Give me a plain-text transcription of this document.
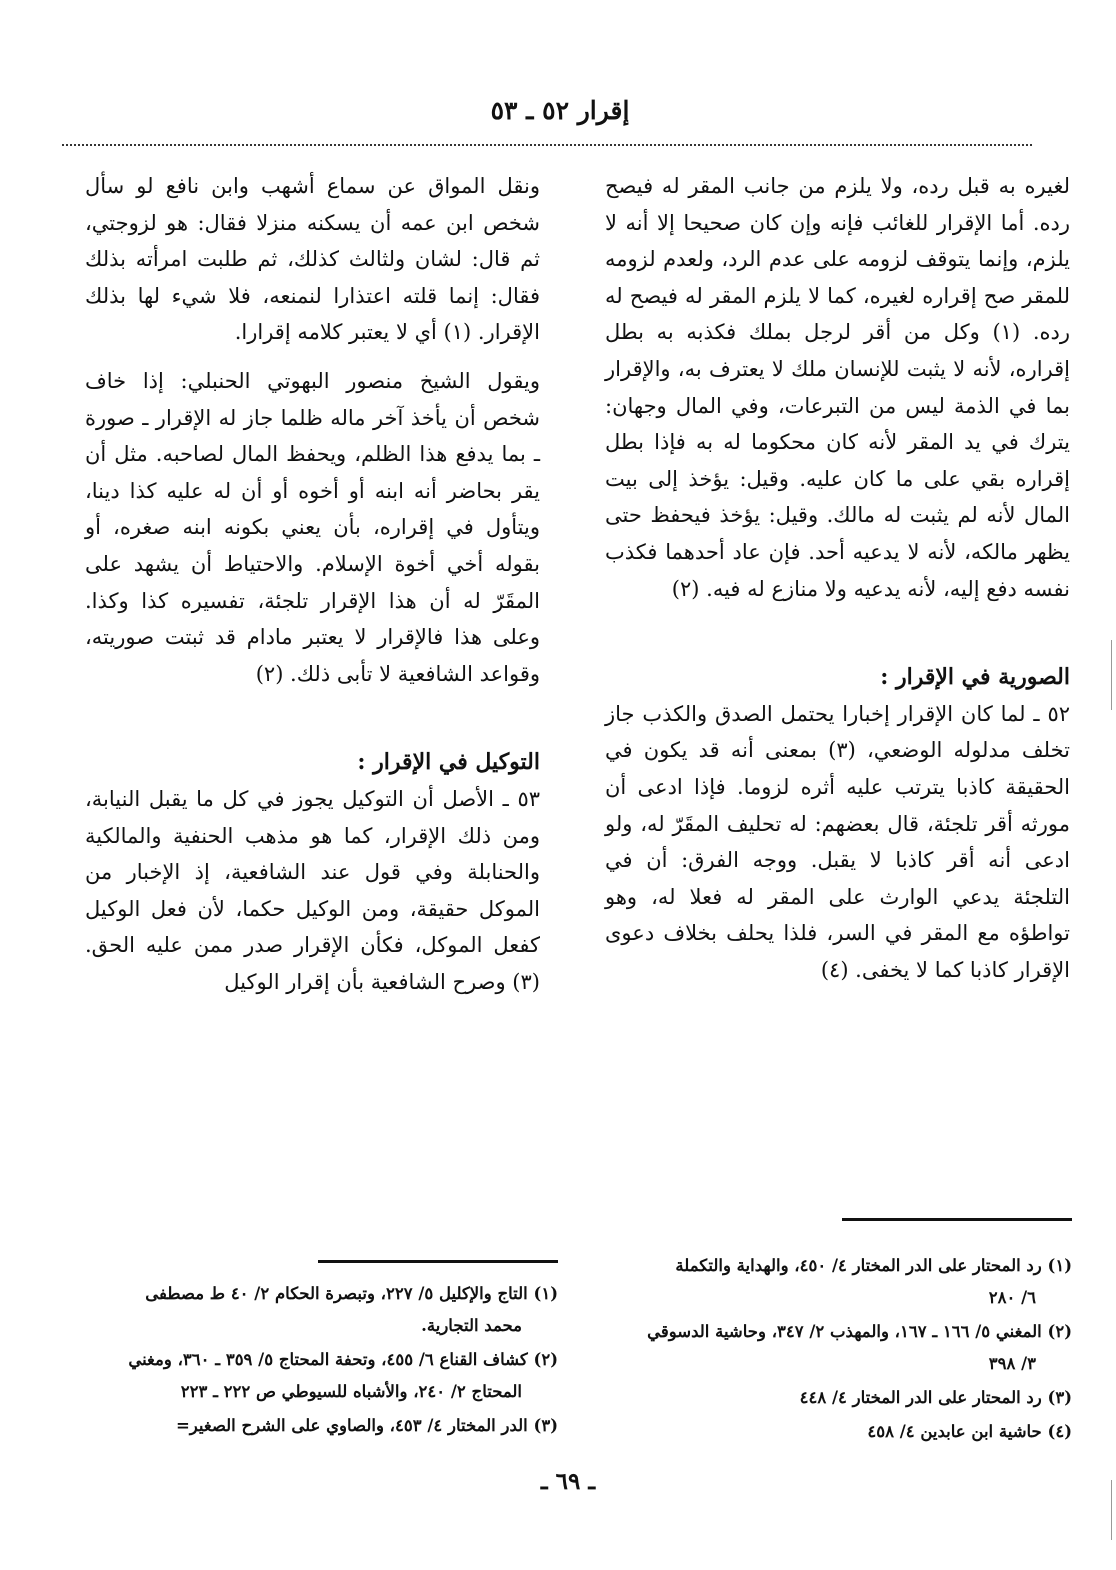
إقرار ٥٢ ـ ٥٣

لغيره به قبل رده، ولا يلزم من جانب المقر له فيصح رده. أما الإقرار للغائب فإنه وإن كان صحيحا إلا أنه لا يلزم، وإنما يتوقف لزومه على عدم الرد، ولعدم لزومه للمقر صح إقراره لغيره، كما لا يلزم المقر له فيصح له رده. (١) وكل من أقر لرجل بملك فكذبه به بطل إقراره، لأنه لا يثبت للإنسان ملك لا يعترف به، والإقرار بما في الذمة ليس من التبرعات، وفي المال وجهان: يترك في يد المقر لأنه كان محكوما له به فإذا بطل إقراره بقي على ما كان عليه. وقيل: يؤخذ إلى بيت المال لأنه لم يثبت له مالك. وقيل: يؤخذ فيحفظ حتى يظهر مالكه، لأنه لا يدعيه أحد. فإن عاد أحدهما فكذب نفسه دفع إليه، لأنه يدعيه ولا منازع له فيه. (٢)

الصورية في الإقرار :

٥٢ ـ لما كان الإقرار إخبارا يحتمل الصدق والكذب جاز تخلف مدلوله الوضعي، (٣) بمعنى أنه قد يكون في الحقيقة كاذبا يترتب عليه أثره لزوما. فإذا ادعى أن مورثه أقر تلجئة، قال بعضهم: له تحليف المقَرّ له، ولو ادعى أنه أقر كاذبا لا يقبل. ووجه الفرق: أن في التلجئة يدعي الوارث على المقر له فعلا له، وهو تواطؤه مع المقر في السر، فلذا يحلف بخلاف دعوى الإقرار كاذبا كما لا يخفى. (٤)

ونقل المواق عن سماع أشهب وابن نافع لو سأل شخص ابن عمه أن يسكنه منزلا فقال: هو لزوجتي، ثم قال: لشان ولثالث كذلك، ثم طلبت امرأته بذلك فقال: إنما قلته اعتذارا لنمنعه، فلا شيء لها بذلك الإقرار. (١) أي لا يعتبر كلامه إقرارا.

ويقول الشيخ منصور البهوتي الحنبلي: إذا خاف شخص أن يأخذ آخر ماله ظلما جاز له الإقرار ـ صورة ـ بما يدفع هذا الظلم، ويحفظ المال لصاحبه. مثل أن يقر بحاضر أنه ابنه أو أخوه أو أن له عليه كذا دينا، ويتأول في إقراره، بأن يعني بكونه ابنه صغره، أو بقوله أخي أخوة الإسلام. والاحتياط أن يشهد على المقَرّ له أن هذا الإقرار تلجئة، تفسيره كذا وكذا. وعلى هذا فالإقرار لا يعتبر مادام قد ثبتت صوريته، وقواعد الشافعية لا تأبى ذلك. (٢)

التوكيل في الإقرار :

٥٣ ـ الأصل أن التوكيل يجوز في كل ما يقبل النيابة، ومن ذلك الإقرار، كما هو مذهب الحنفية والمالكية والحنابلة وفي قول عند الشافعية، إذ الإخبار من الموكل حقيقة، ومن الوكيل حكما، لأن فعل الوكيل كفعل الموكل، فكأن الإقرار صدر ممن عليه الحق. (٣) وصرح الشافعية بأن إقرار الوكيل

(١) رد المحتار على الدر المختار ٤/ ٤٥٠، والهداية والتكملة
٦/ ٢٨٠
(٢) المغني ٥/ ١٦٦ ـ ١٦٧، والمهذب ٢/ ٣٤٧، وحاشية الدسوقي
٣/ ٣٩٨
(٣) رد المحتار على الدر المختار ٤/ ٤٤٨
(٤) حاشية ابن عابدين ٤/ ٤٥٨
(١) التاج والإكليل ٥/ ٢٢٧، وتبصرة الحكام ٢/ ٤٠ ط مصطفى
محمد التجارية.
(٢) كشاف القناع ٦/ ٤٥٥، وتحفة المحتاج ٥/ ٣٥٩ ـ ٣٦٠، ومغني
المحتاج ٢/ ٢٤٠، والأشباه للسيوطي ص ٢٢٢ ـ ٢٢٣
(٣) الدر المختار ٤/ ٤٥٣، والصاوي على الشرح الصغير=
ـ ٦٩ ـ
